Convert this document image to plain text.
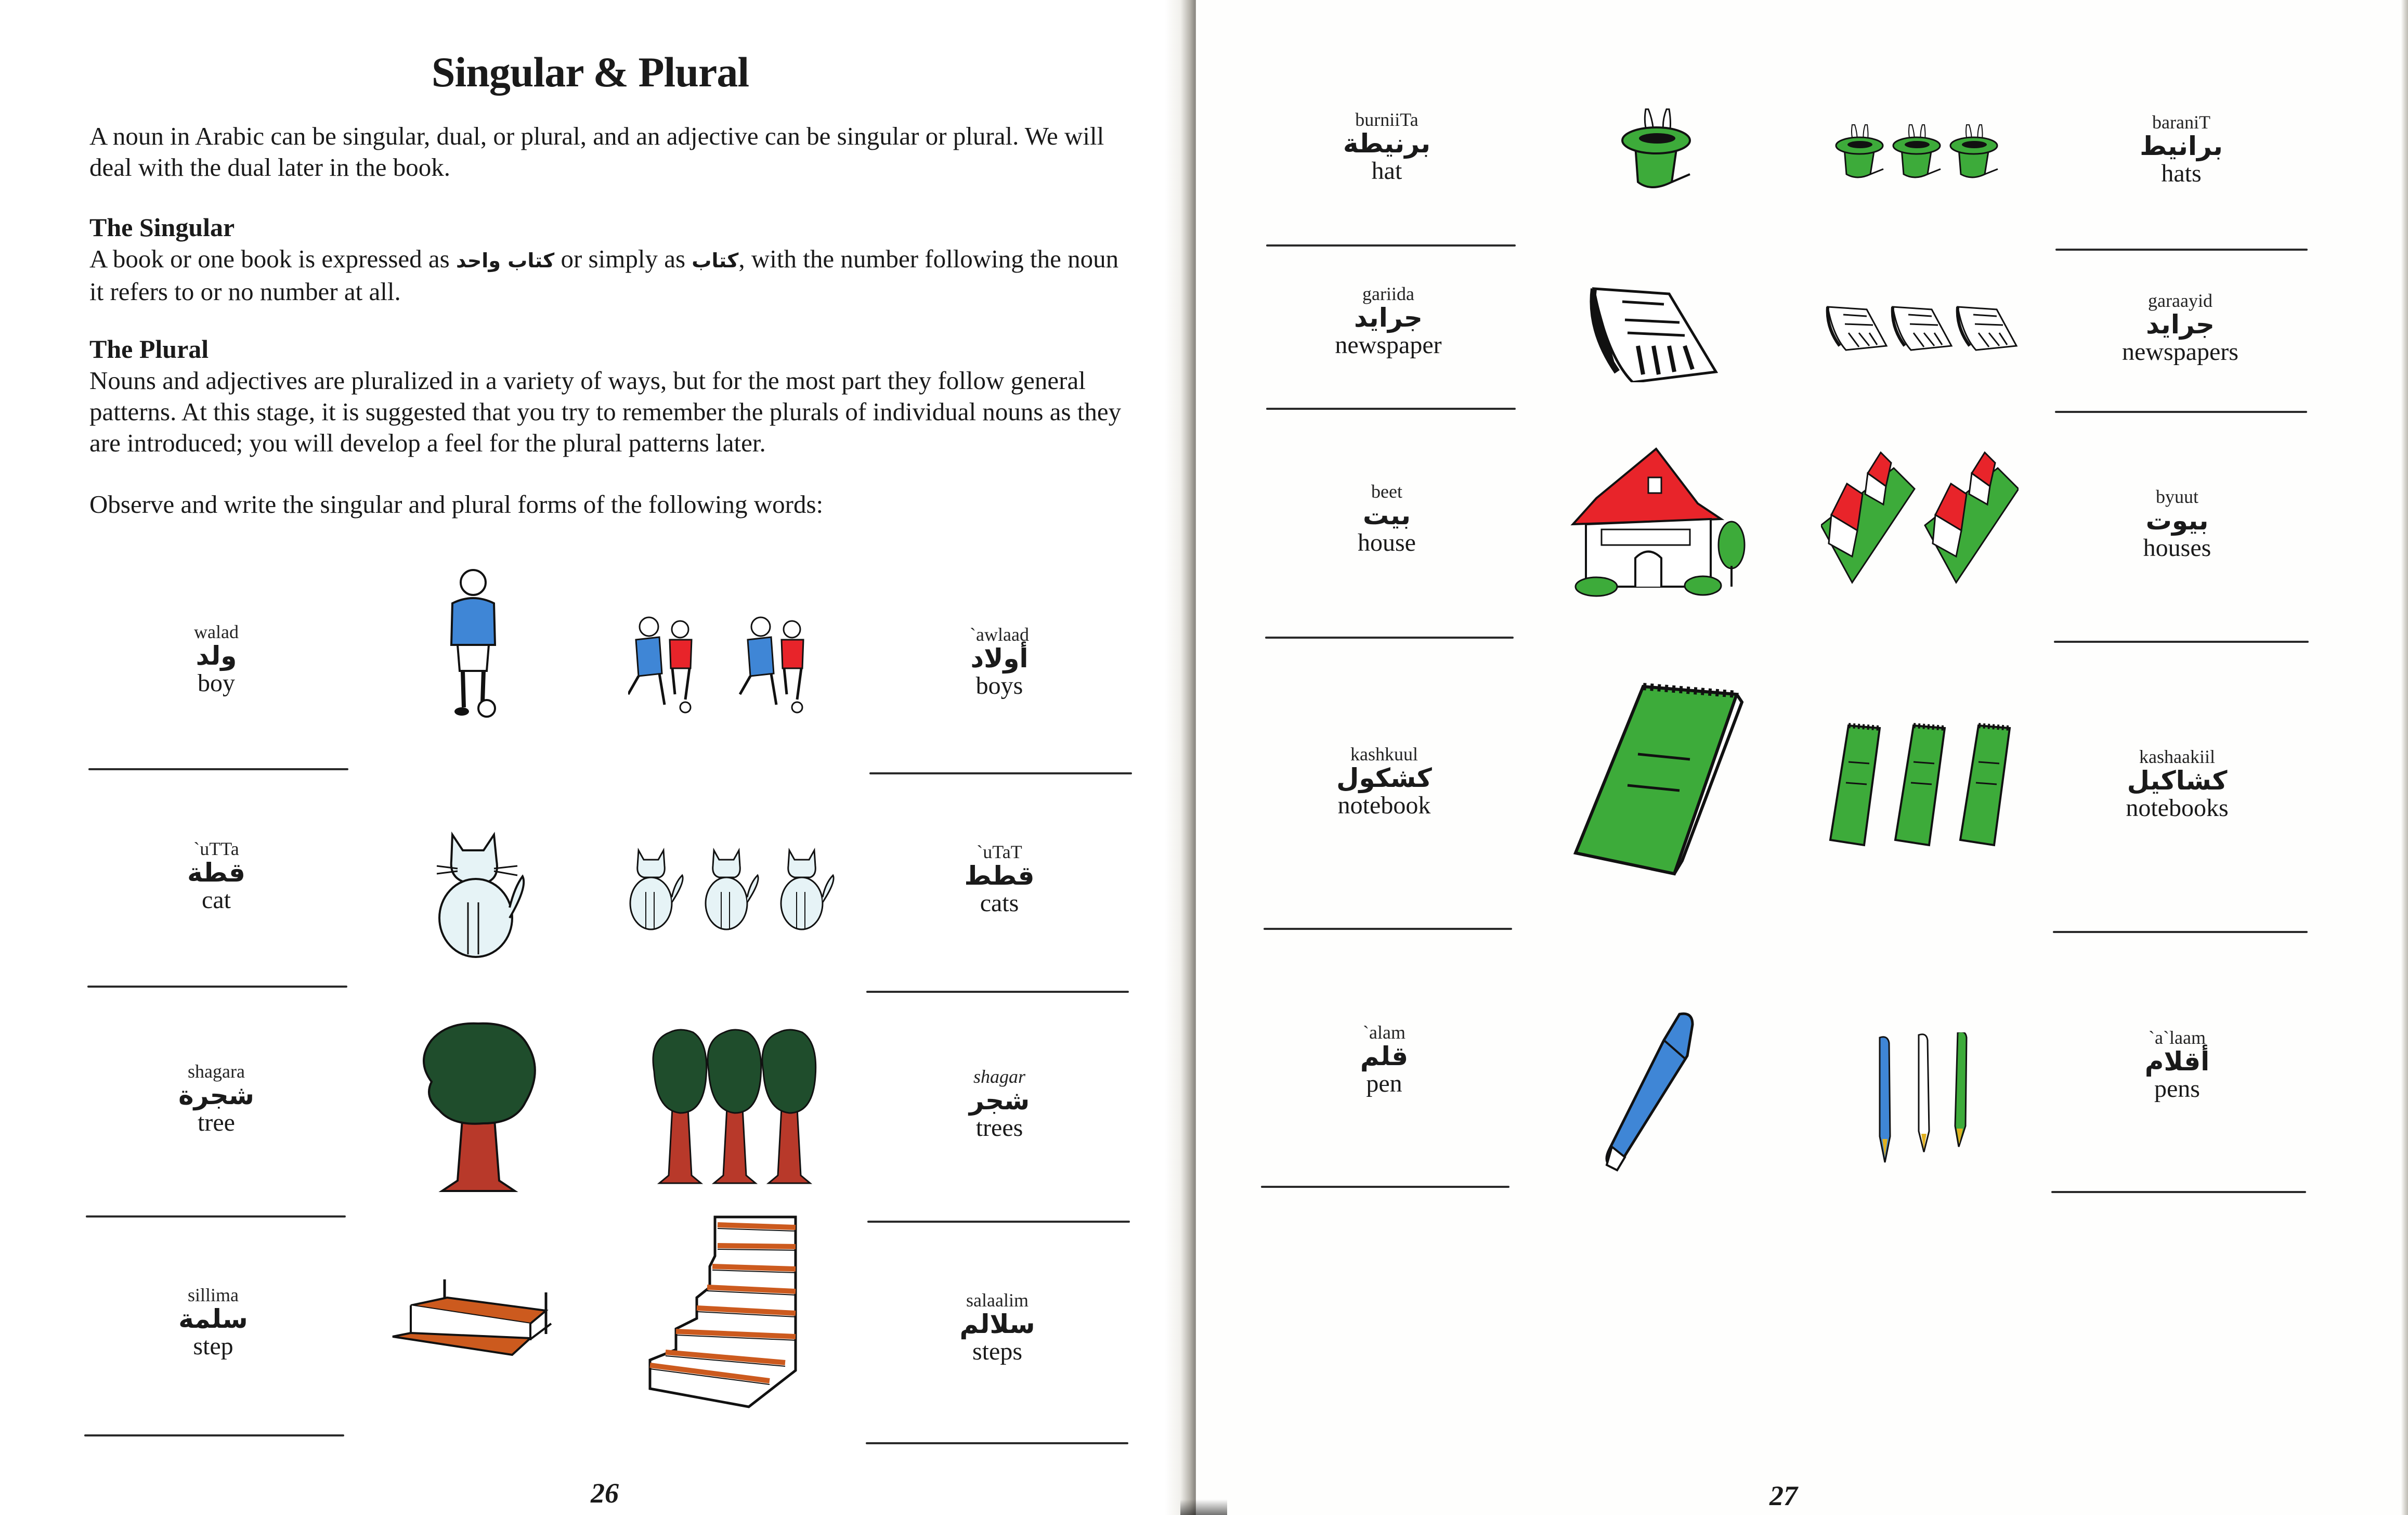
Singular & Plural
A noun in Arabic can be singular, dual, or plural, and an adjective can be singular or plural. We will deal with the dual later in the book.
The Singular
A book or one book is expressed as كتاب واحد or simply as كتاب, with the number following the noun it refers to or no number at all.
The Plural
Nouns and adjectives are pluralized in a variety of ways, but for the most part they follow general patterns. At this stage, it is suggested that you try to remember the plurals of individual nouns as they are introduced; you will develop a feel for the plural patterns later.
Observe and write the singular and plural forms of the following words:
walad
ولد
boy
`awlaad
أولاد
boys
`uTTa
قطة
cat
`uTaT
قطط
cats
shagara
شجرة
tree
shagar
شجر
trees
sillima
سلمة
step
salaalim
سلالم
steps
26
burniiTa
برنيطة
hat
baraniT
برانيط
hats
gariida
جرايد
newspaper
garaayid
جرايد
newspapers
beet
بيت
house
byuut
بيوت
houses
kashkuul
كشكول
notebook
kashaakiil
كشاكيل
notebooks
`alam
قلم
pen
`a`laam
أقلام
pens
27
